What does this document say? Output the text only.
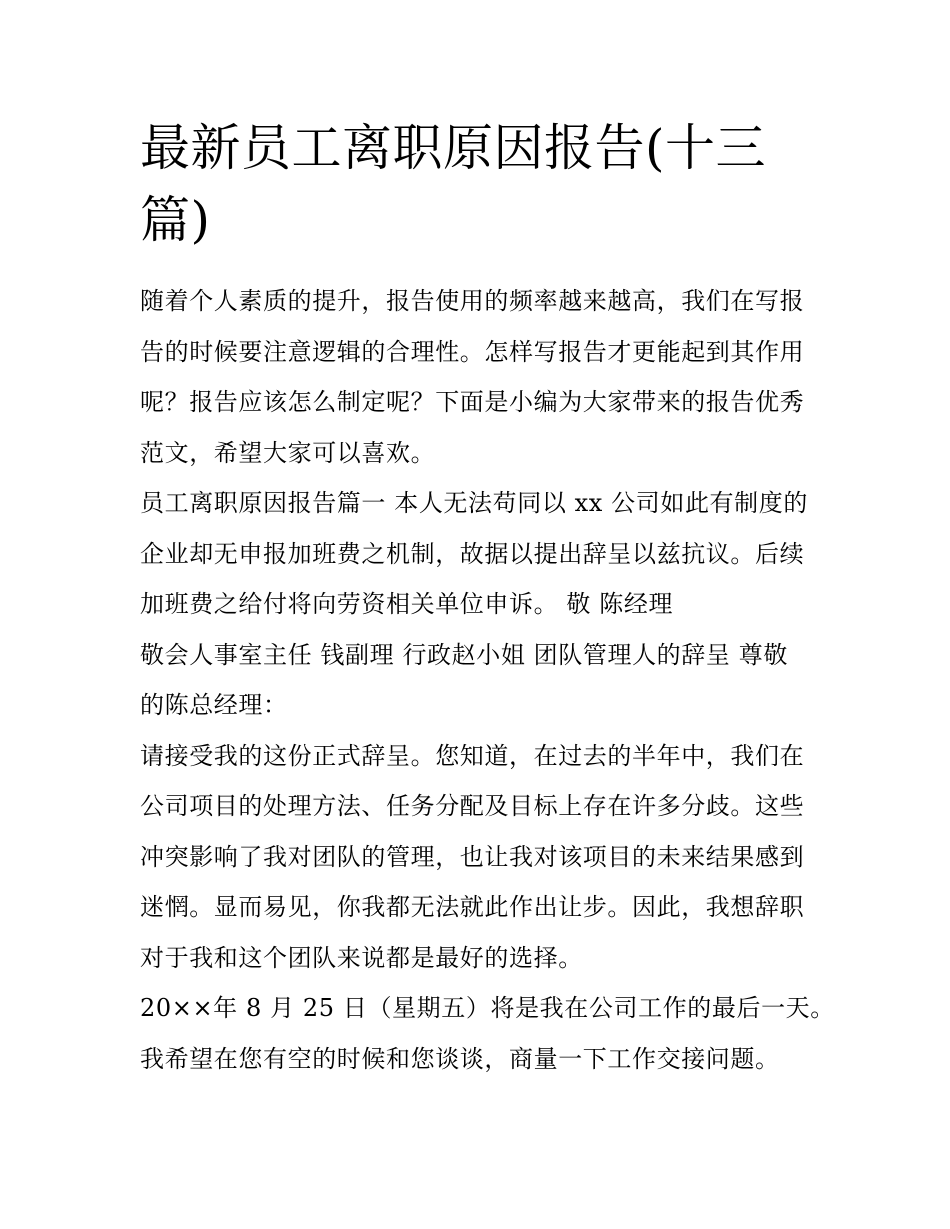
最新员工离职原因报告(十三
篇)
随着个人素质的提升，报告使用的频率越来越高，我们在写报
告的时候要注意逻辑的合理性。怎样写报告才更能起到其作用
呢？报告应该怎么制定呢？下面是小编为大家带来的报告优秀
范文，希望大家可以喜欢。
员工离职原因报告篇一 本人无法苟同以 xx 公司如此有制度的
企业却无申报加班费之机制，故据以提出辞呈以兹抗议。后续
加班费之给付将向劳资相关单位申诉。 敬 陈经理
敬会人事室主任 钱副理 行政赵小姐 团队管理人的辞呈 尊敬
的陈总经理：
请接受我的这份正式辞呈。您知道，在过去的半年中，我们在
公司项目的处理方法、任务分配及目标上存在许多分歧。这些
冲突影响了我对团队的管理，也让我对该项目的未来结果感到
迷惘。显而易见，你我都无法就此作出让步。因此，我想辞职
对于我和这个团队来说都是最好的选择。
20××年 8 月 25 日（星期五）将是我在公司工作的最后一天。
我希望在您有空的时候和您谈谈，商量一下工作交接问题。
